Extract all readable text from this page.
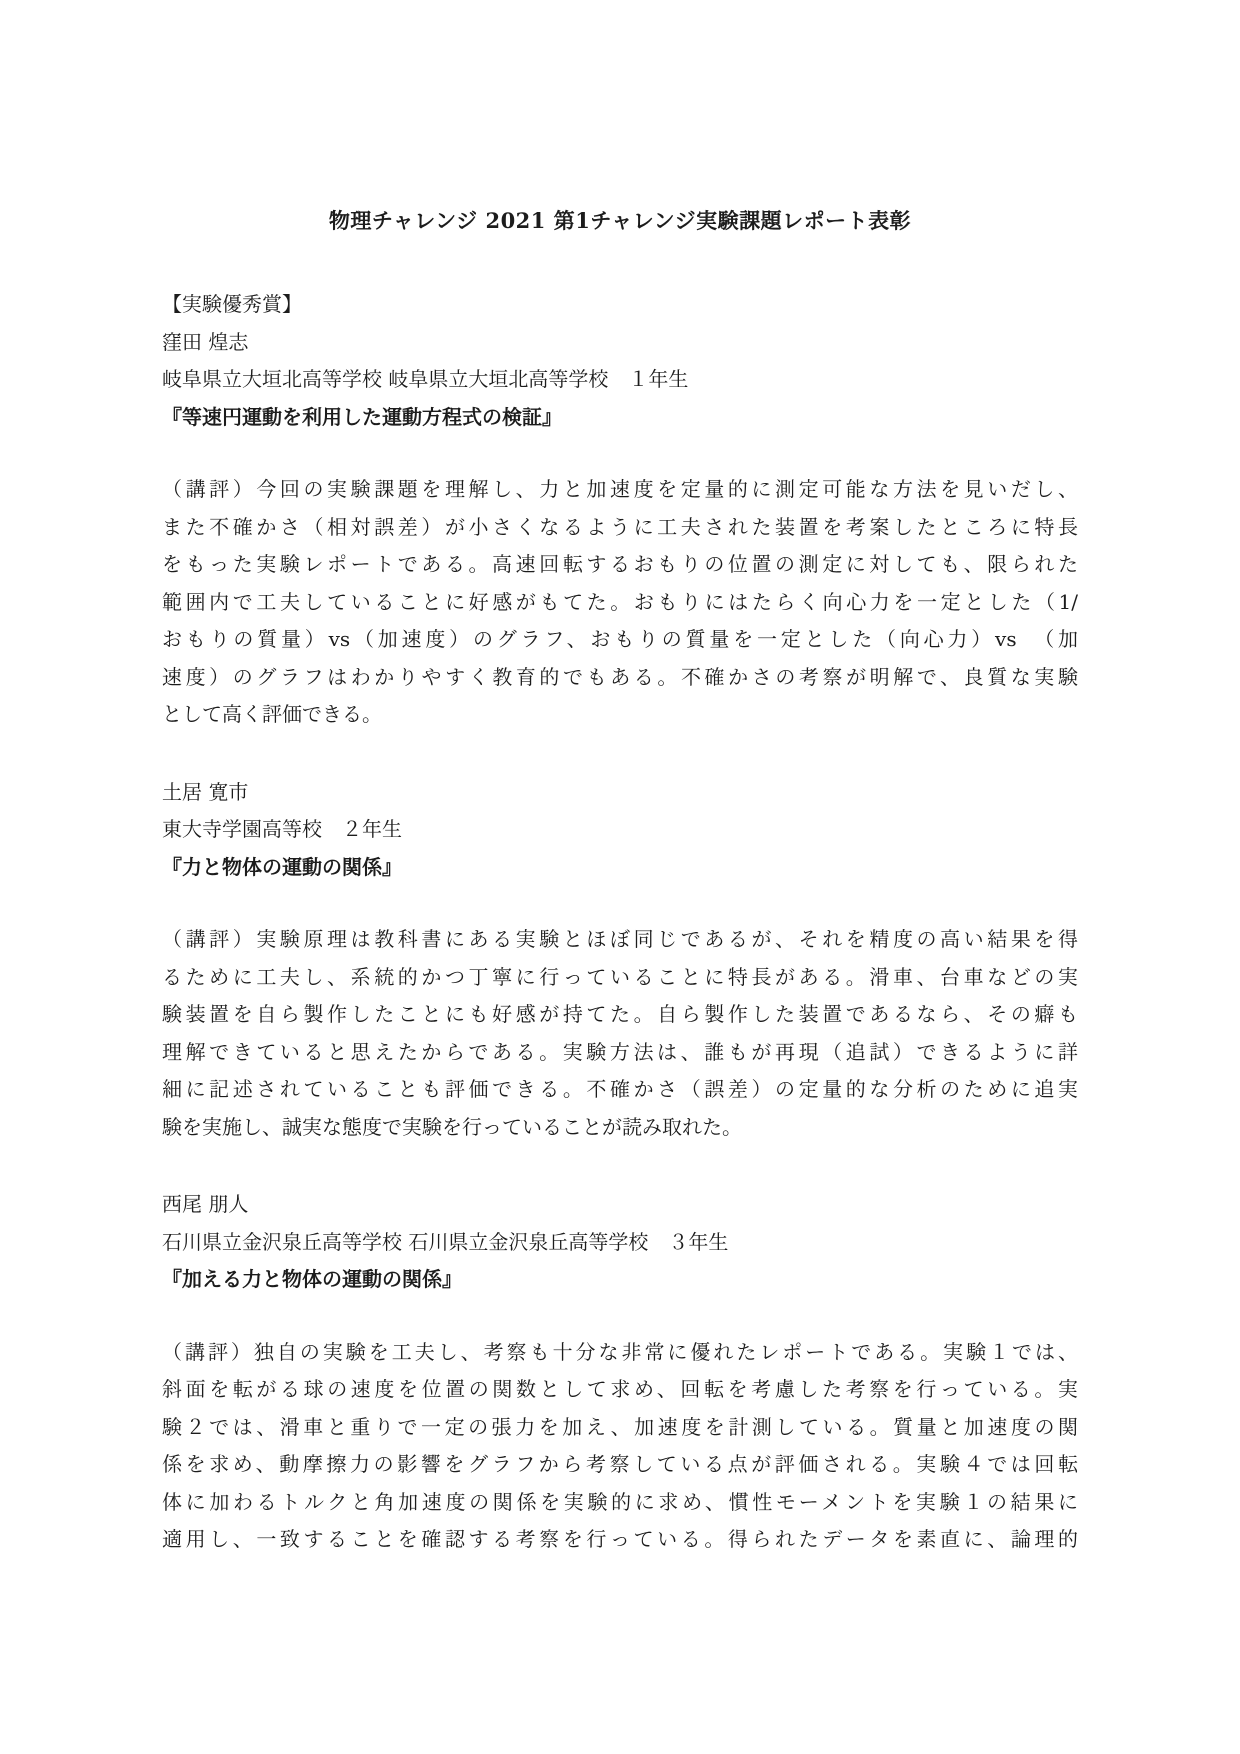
物理チャレンジ 2021 第1チャレンジ実験課題レポート表彰
【実験優秀賞】
窪田 煌志
岐阜県立大垣北高等学校 岐阜県立大垣北高等学校　１年生
『等速円運動を利用した運動方程式の検証』
（講評）今回の実験課題を理解し、力と加速度を定量的に測定可能な方法を見いだし、
また不確かさ（相対誤差）が小さくなるように工夫された装置を考案したところに特長
をもった実験レポートである。高速回転するおもりの位置の測定に対しても、限られた
範囲内で工夫していることに好感がもてた。おもりにはたらく向心力を一定とした（1/
おもりの質量）vs（加速度）のグラフ、おもりの質量を一定とした（向心力）vs　（加
速度）のグラフはわかりやすく教育的でもある。不確かさの考察が明解で、良質な実験
として高く評価できる。
土居 寛市
東大寺学園高等校　２年生
『力と物体の運動の関係』
（講評）実験原理は教科書にある実験とほぼ同じであるが、それを精度の高い結果を得
るために工夫し、系統的かつ丁寧に行っていることに特長がある。滑車、台車などの実
験装置を自ら製作したことにも好感が持てた。自ら製作した装置であるなら、その癖も
理解できていると思えたからである。実験方法は、誰もが再現（追試）できるように詳
細に記述されていることも評価できる。不確かさ（誤差）の定量的な分析のために追実
験を実施し、誠実な態度で実験を行っていることが読み取れた。
西尾 朋人
石川県立金沢泉丘高等学校 石川県立金沢泉丘高等学校　３年生
『加える力と物体の運動の関係』
（講評）独自の実験を工夫し、考察も十分な非常に優れたレポートである。実験１では、
斜面を転がる球の速度を位置の関数として求め、回転を考慮した考察を行っている。実
験２では、滑車と重りで一定の張力を加え、加速度を計測している。質量と加速度の関
係を求め、動摩擦力の影響をグラフから考察している点が評価される。実験４では回転
体に加わるトルクと角加速度の関係を実験的に求め、慣性モーメントを実験１の結果に
適用し、一致することを確認する考察を行っている。得られたデータを素直に、論理的
